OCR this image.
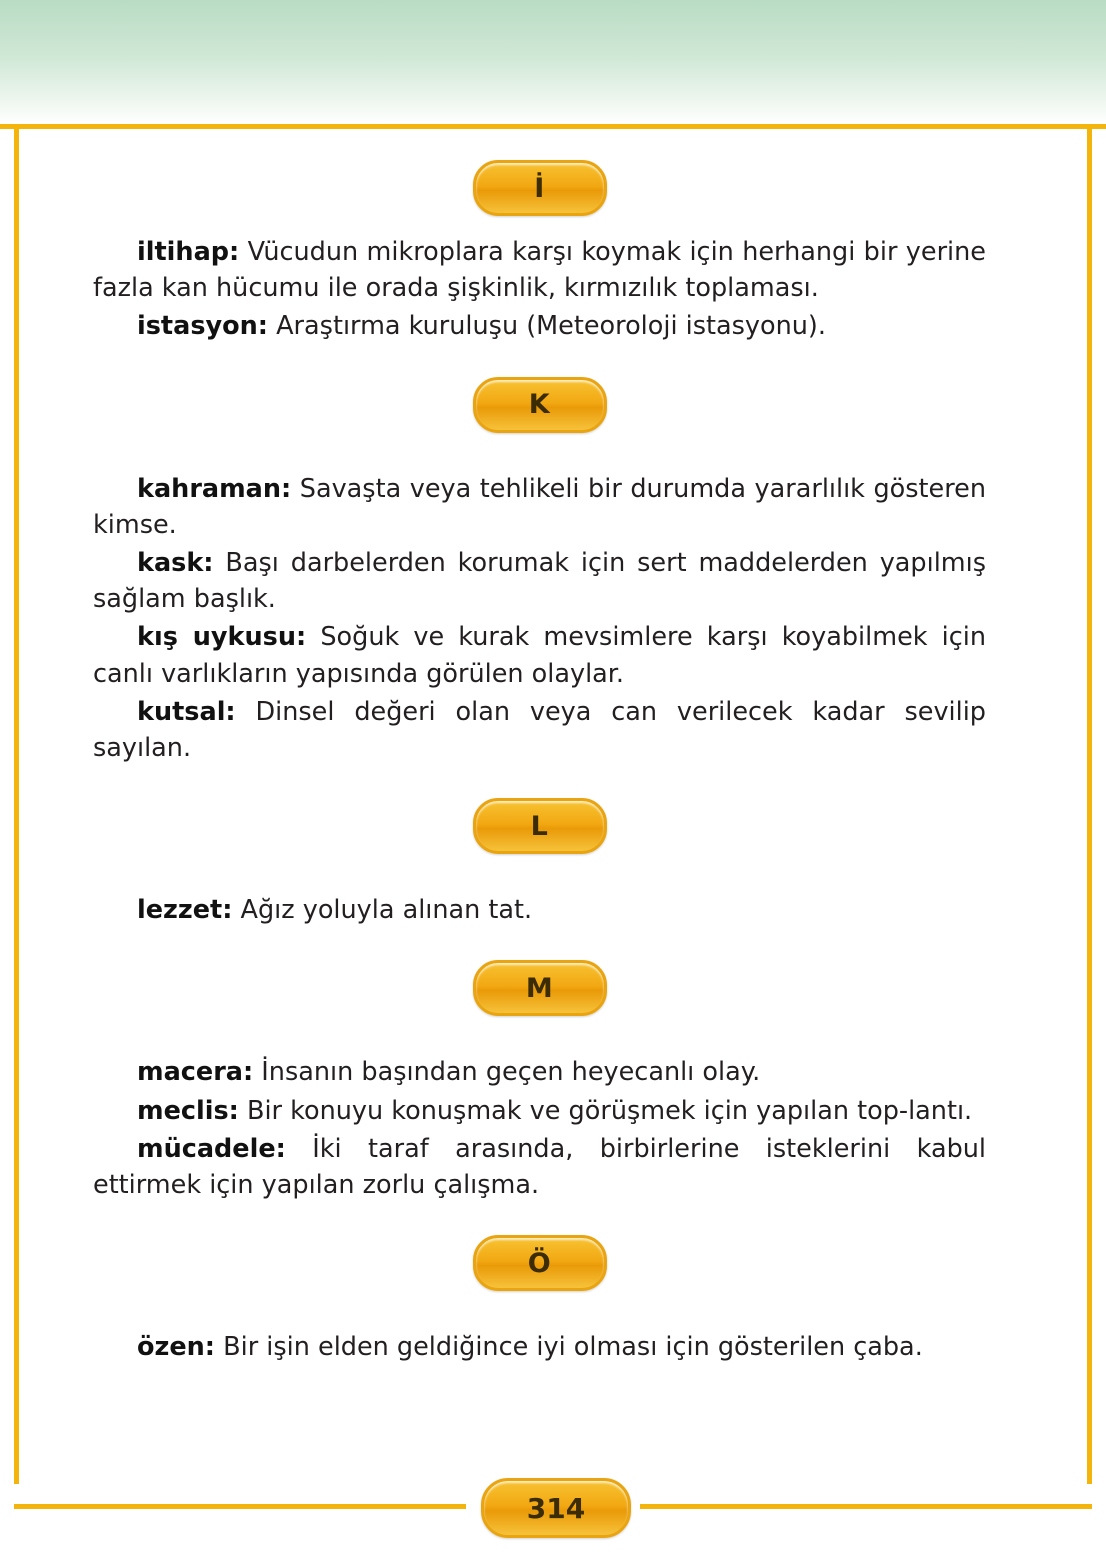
İ

iltihap: Vücudun mikroplara karşı koymak için herhangi bir yerine fazla kan hücumu ile orada şişkinlik, kırmızılık toplaması.

istasyon: Araştırma kuruluşu (Meteoroloji istasyonu).

K

kahraman: Savaşta veya tehlikeli bir durumda yararlılık gösteren kimse.

kask: Başı darbelerden korumak için sert maddelerden yapılmış sağlam başlık.

kış uykusu: Soğuk ve kurak mevsimlere karşı koyabilmek için canlı varlıkların yapısında görülen olaylar.

kutsal: Dinsel değeri olan veya can verilecek kadar sevilip sayılan.

L

lezzet: Ağız yoluyla alınan tat.

M

macera: İnsanın başından geçen heyecanlı olay.

meclis: Bir konuyu konuşmak ve görüşmek için yapılan top-lantı.

mücadele: İki taraf arasında, birbirlerine isteklerini kabul ettirmek için yapılan zorlu çalışma.

Ö

özen: Bir işin elden geldiğince iyi olması için gösterilen çaba.

314
